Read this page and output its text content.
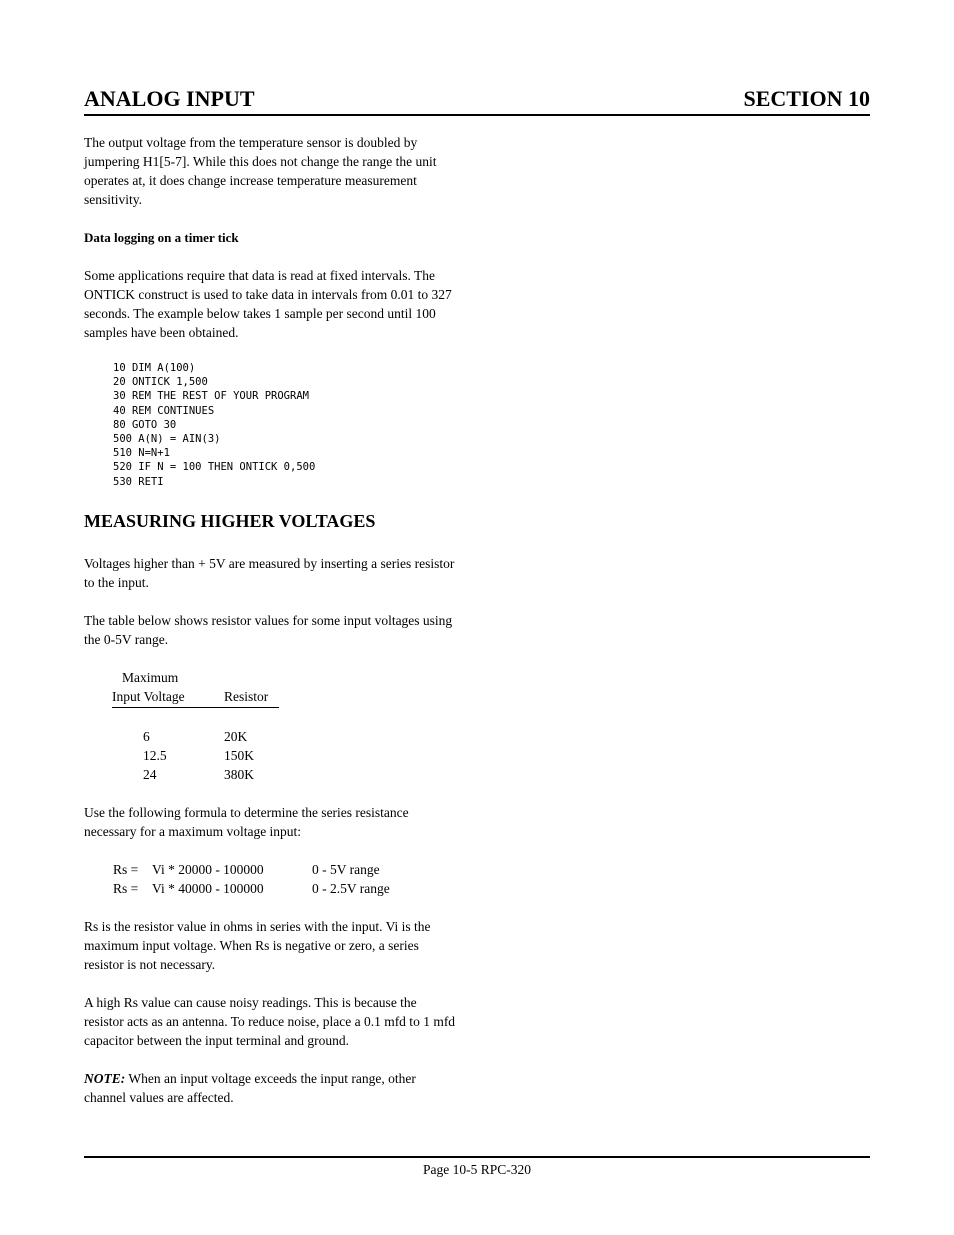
ANALOG INPUT	SECTION 10

The output voltage from the temperature sensor is doubled by jumpering H1[5-7]. While this does not change the range the unit operates at, it does change increase temperature measurement sensitivity.

Data logging on a timer tick

Some applications require that data is read at fixed intervals. The ONTICK construct is used to take data in intervals from 0.01 to 327 seconds. The example below takes 1 sample per second until 100 samples have been obtained.

10 DIM A(100)
20 ONTICK 1,500
30 REM THE REST OF YOUR PROGRAM
40 REM CONTINUES
80 GOTO 30
500 A(N) = AIN(3)
510 N=N+1
520 IF N = 100 THEN ONTICK 0,500
530 RETI
MEASURING HIGHER VOLTAGES

Voltages higher than + 5V are measured by inserting a series resistor to the input.

The table below shows resistor values for some input voltages using the 0-5V range.

Maximum
Input Voltage	Resistor
6	20K
12.5	150K
24	380K

Use the following formula to determine the series resistance necessary for a maximum voltage input:

Rs =	Vi * 20000 - 100000	0 - 5V range
Rs =	Vi * 40000 - 100000	0 - 2.5V range

Rs is the resistor value in ohms in series with the input. Vi is the maximum input voltage. When Rs is negative or zero, a series resistor is not necessary.

A high Rs value can cause noisy readings. This is because the resistor acts as an antenna. To reduce noise, place a 0.1 mfd to 1 mfd capacitor between the input terminal and ground.

NOTE: When an input voltage exceeds the input range, other channel values are affected.

Page 10-5 RPC-320
